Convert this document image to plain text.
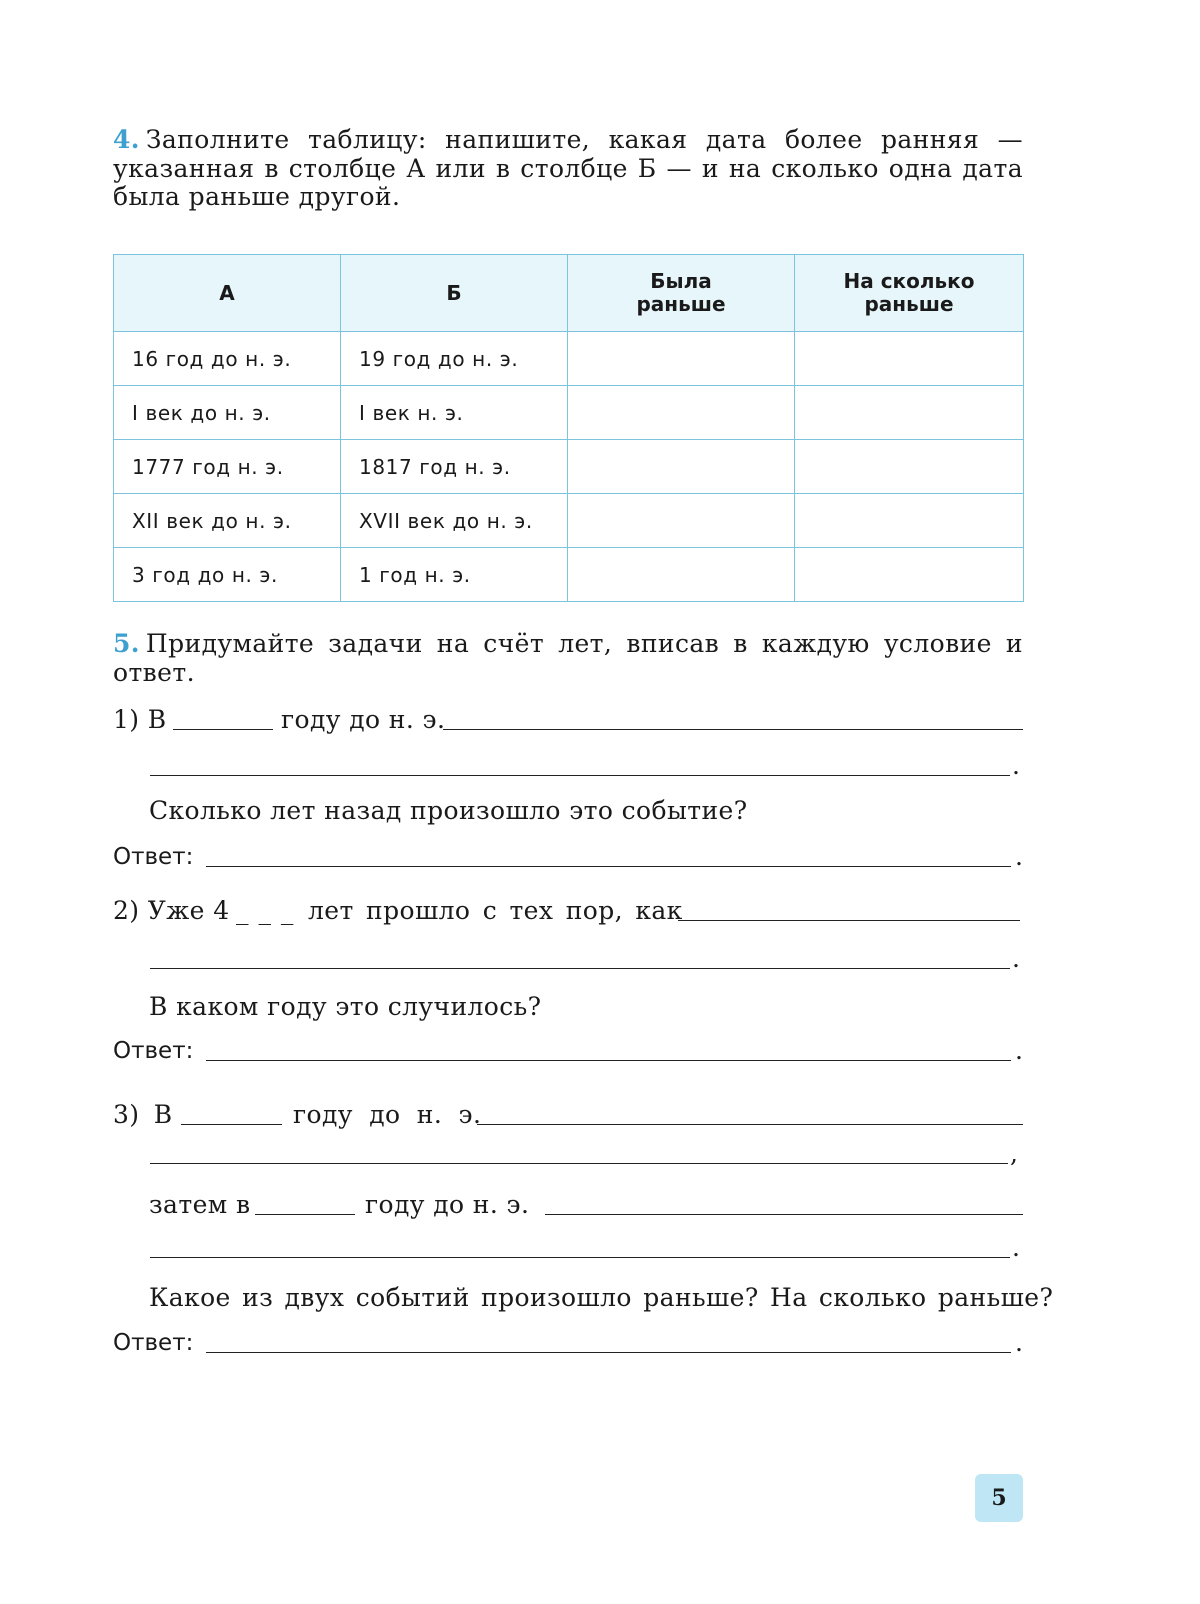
4. Заполните таблицу: напишите, какая дата более ранняя — указанная в столбце А или в столбце Б — и на сколько одна дата была раньше другой.
А	Б	Была раньше	На сколько раньше
16 год до н. э.	19 год до н. э.		
I век до н. э.	I век н. э.		
1777 год н. э.	1817 год н. э.		
XII век до н. э.	XVII век до н. э.		
3 год до н. э.	1 год н. э.		
5. Придумайте задачи на счёт лет, вписав в каждую условие и ответ.
1) В	году до н. э.
.
Сколько лет назад произошло это событие?
Ответ:	.
2) Уже 4 _ _ _ лет прошло с тех пор, как
.
В каком году это случилось?
Ответ:	.
3) В	году до н. э.
,
затем в	году до н. э.
.
Какое из двух событий произошло раньше? На сколько раньше?
Ответ:	.
5
